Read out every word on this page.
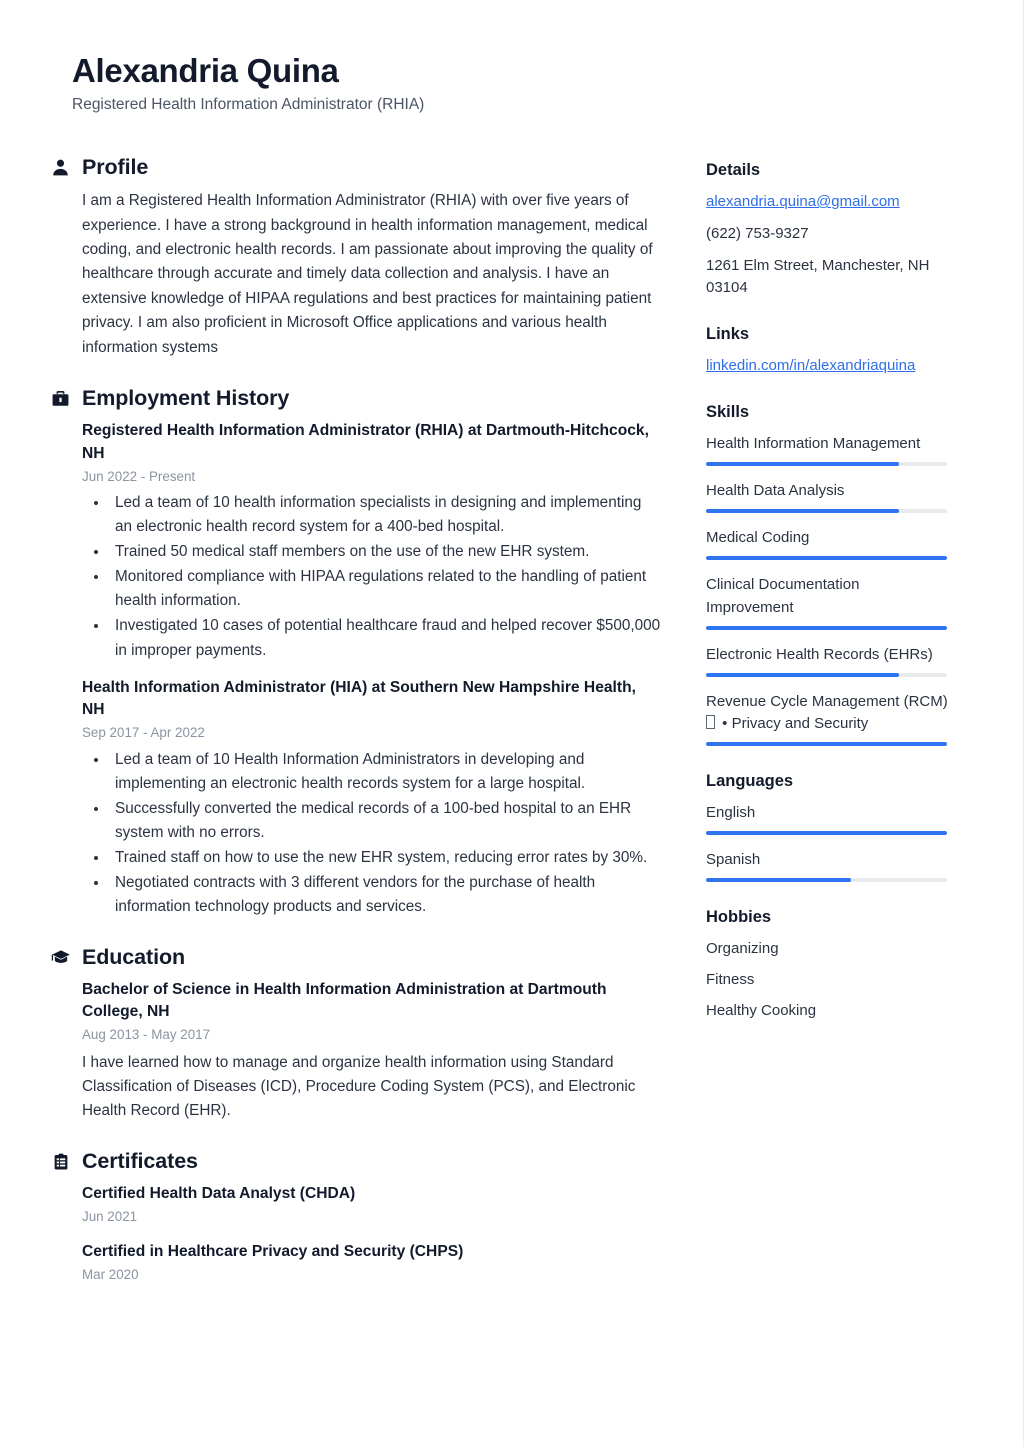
Alexandria Quina
Registered Health Information Administrator (RHIA)
Profile
I am a Registered Health Information Administrator (RHIA) with over five years of experience. I have a strong background in health information management, medical coding, and electronic health records. I am passionate about improving the quality of healthcare through accurate and timely data collection and analysis. I have an extensive knowledge of HIPAA regulations and best practices for maintaining patient privacy. I am also proficient in Microsoft Office applications and various health information systems
Employment History
Registered Health Information Administrator (RHIA) at Dartmouth-Hitchcock, NH
Jun 2022 - Present
• Led a team of 10 health information specialists in designing and implementing an electronic health record system for a 400-bed hospital.
• Trained 50 medical staff members on the use of the new EHR system.
• Monitored compliance with HIPAA regulations related to the handling of patient health information.
• Investigated 10 cases of potential healthcare fraud and helped recover $500,000 in improper payments.
Health Information Administrator (HIA) at Southern New Hampshire Health, NH
Sep 2017 - Apr 2022
• Led a team of 10 Health Information Administrators in developing and implementing an electronic health records system for a large hospital.
• Successfully converted the medical records of a 100-bed hospital to an EHR system with no errors.
• Trained staff on how to use the new EHR system, reducing error rates by 30%.
• Negotiated contracts with 3 different vendors for the purchase of health information technology products and services.
Education
Bachelor of Science in Health Information Administration at Dartmouth College, NH
Aug 2013 - May 2017
I have learned how to manage and organize health information using Standard Classification of Diseases (ICD), Procedure Coding System (PCS), and Electronic Health Record (EHR).
Certificates
Certified Health Data Analyst (CHDA)
Jun 2021
Certified in Healthcare Privacy and Security (CHPS)
Mar 2020
Details
alexandria.quina@gmail.com
(622) 753-9327
1261 Elm Street, Manchester, NH 03104
Links
linkedin.com/in/alexandriaquina
Skills
Health Information Management
Health Data Analysis
Medical Coding
Clinical Documentation Improvement
Electronic Health Records (EHRs)
Revenue Cycle Management (RCM)
• Privacy and Security
Languages
English
Spanish
Hobbies
Organizing
Fitness
Healthy Cooking
